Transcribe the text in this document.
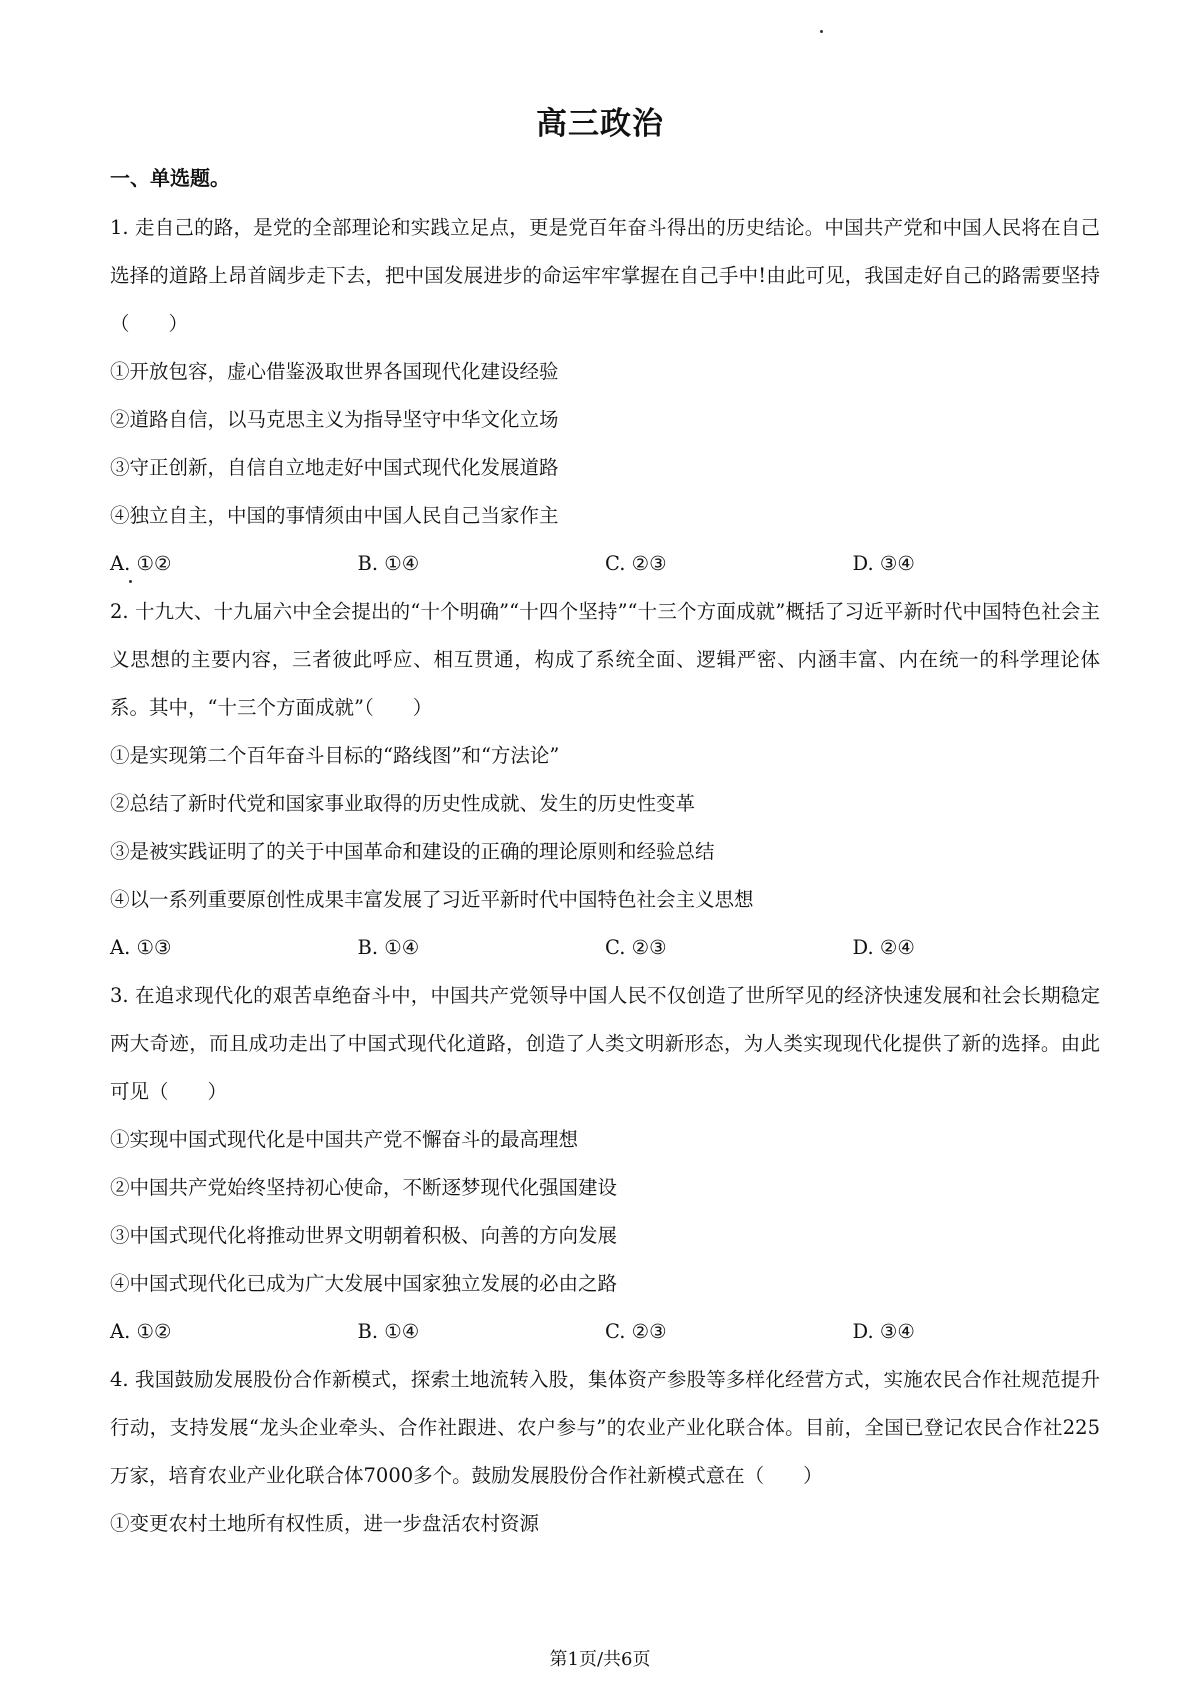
高三政治
一、单选题。

1. 走自己的路，是党的全部理论和实践立足点，更是党百年奋斗得出的历史结论。中国共产党和中国人民将在自己选择的道路上昂首阔步走下去，把中国发展进步的命运牢牢掌握在自己手中!由此可见，我国走好自己的路需要坚持（　　）

①开放包容，虚心借鉴汲取世界各国现代化建设经验

②道路自信，以马克思主义为指导坚守中华文化立场

③守正创新，自信自立地走好中国式现代化发展道路

④独立自主，中国的事情须由中国人民自己当家作主

A. ①②	B. ①④	C. ②③	D. ③④

2. 十九大、十九届六中全会提出的“十个明确”“十四个坚持”“十三个方面成就”概括了习近平新时代中国特色社会主义思想的主要内容，三者彼此呼应、相互贯通，构成了系统全面、逻辑严密、内涵丰富、内在统一的科学理论体系。其中，“十三个方面成就”（　　）

①是实现第二个百年奋斗目标的“路线图”和“方法论”

②总结了新时代党和国家事业取得的历史性成就、发生的历史性变革

③是被实践证明了的关于中国革命和建设的正确的理论原则和经验总结

④以一系列重要原创性成果丰富发展了习近平新时代中国特色社会主义思想

A. ①③	B. ①④	C. ②③	D. ②④

3. 在追求现代化的艰苦卓绝奋斗中，中国共产党领导中国人民不仅创造了世所罕见的经济快速发展和社会长期稳定两大奇迹，而且成功走出了中国式现代化道路，创造了人类文明新形态，为人类实现现代化提供了新的选择。由此可见（　　）

①实现中国式现代化是中国共产党不懈奋斗的最高理想

②中国共产党始终坚持初心使命，不断逐梦现代化强国建设

③中国式现代化将推动世界文明朝着积极、向善的方向发展

④中国式现代化已成为广大发展中国家独立发展的必由之路

A. ①②	B. ①④	C. ②③	D. ③④

4. 我国鼓励发展股份合作新模式，探索土地流转入股，集体资产参股等多样化经营方式，实施农民合作社规范提升行动，支持发展“龙头企业牵头、合作社跟进、农户参与”的农业产业化联合体。目前，全国已登记农民合作社225万家，培育农业产业化联合体7000多个。鼓励发展股份合作社新模式意在（　　）

①变更农村土地所有权性质，进一步盘活农村资源

第1页/共6页
